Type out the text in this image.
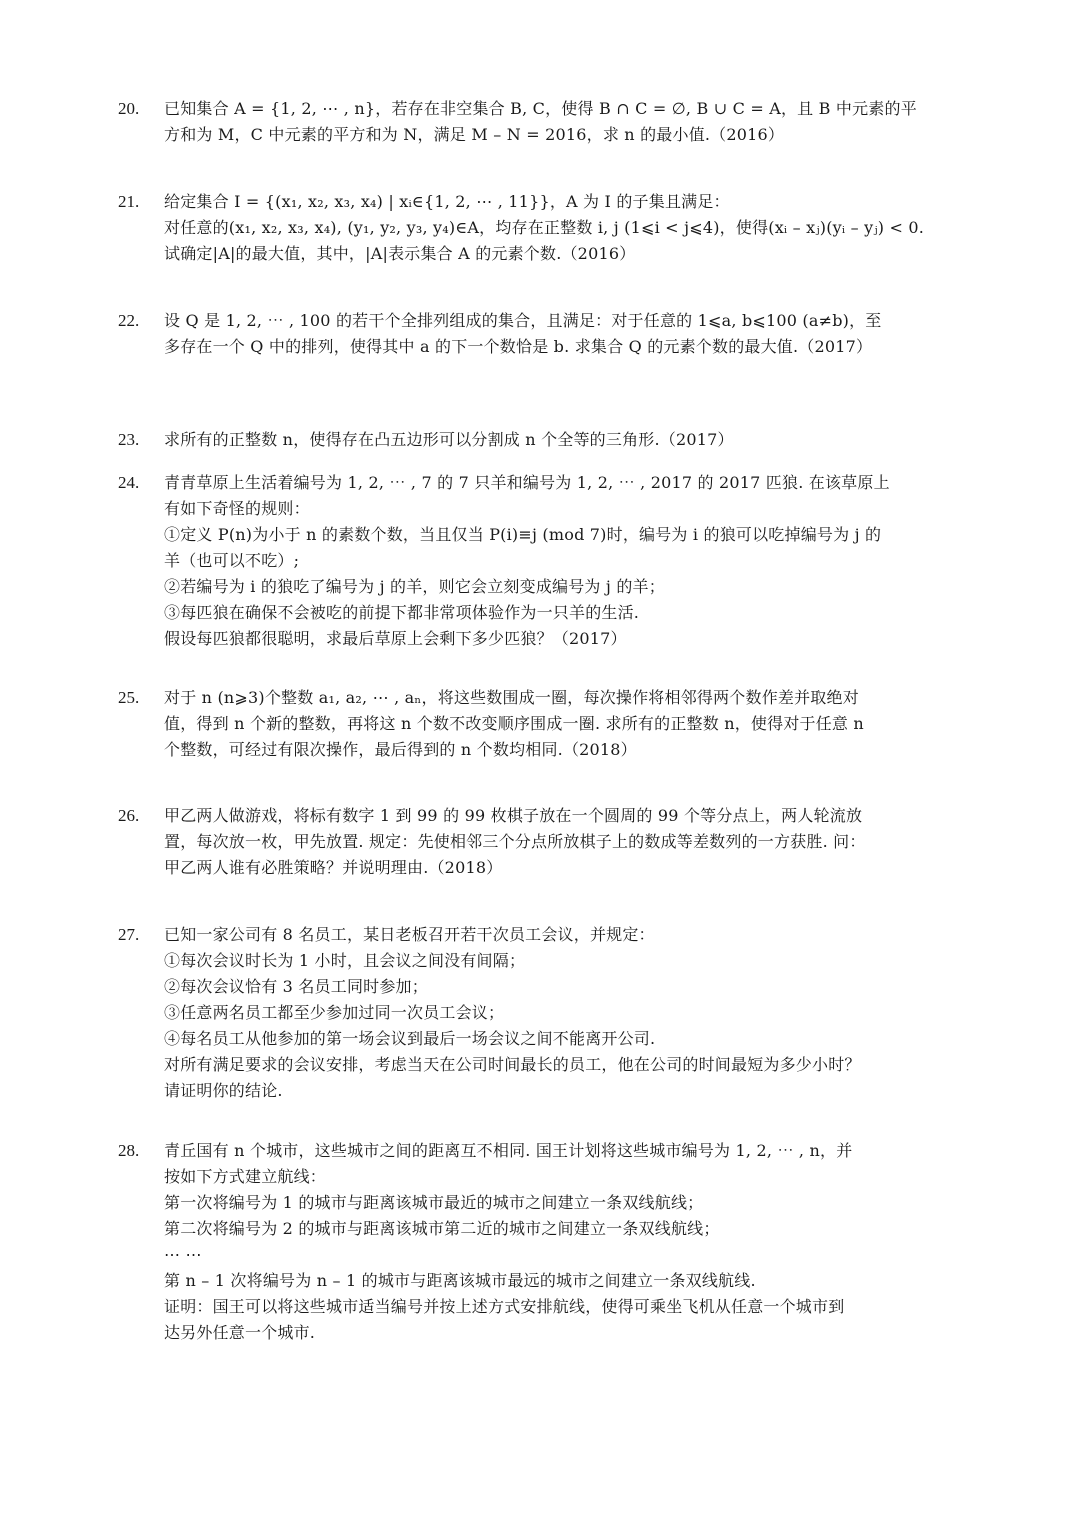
20.	已知集合 A = {1, 2, ⋯ , n}，若存在非空集合 B, C，使得 B ∩ C = ∅, B ∪ C = A，且 B 中元素的平
方和为 M，C 中元素的平方和为 N，满足 M – N = 2016，求 n 的最小值.（2016）
21.	给定集合 I = {(x₁, x₂, x₃, x₄) | xᵢ∈{1, 2, ⋯ , 11}}，A 为 I 的子集且满足：
对任意的(x₁, x₂, x₃, x₄), (y₁, y₂, y₃, y₄)∈A，均存在正整数 i, j (1⩽i < j⩽4)，使得(xᵢ – xⱼ)(yᵢ – yⱼ) < 0.
试确定|A|的最大值，其中，|A|表示集合 A 的元素个数.（2016）
22.	设 Q 是 1, 2, ⋯ , 100 的若干个全排列组成的集合，且满足：对于任意的 1⩽a, b⩽100 (a≠b)，至
多存在一个 Q 中的排列，使得其中 a 的下一个数恰是 b. 求集合 Q 的元素个数的最大值.（2017）
23.	求所有的正整数 n，使得存在凸五边形可以分割成 n 个全等的三角形.（2017）
24.	青青草原上生活着编号为 1, 2, ⋯ , 7 的 7 只羊和编号为 1, 2, ⋯ , 2017 的 2017 匹狼. 在该草原上
有如下奇怪的规则：
①定义 P(n)为小于 n 的素数个数，当且仅当 P(i)≡j (mod 7)时，编号为 i 的狼可以吃掉编号为 j 的
羊（也可以不吃）;
②若编号为 i 的狼吃了编号为 j 的羊，则它会立刻变成编号为 j 的羊；
③每匹狼在确保不会被吃的前提下都非常项体验作为一只羊的生活.
假设每匹狼都很聪明，求最后草原上会剩下多少匹狼？（2017）
25.	对于 n (n⩾3)个整数 a₁, a₂, ⋯ , aₙ，将这些数围成一圈，每次操作将相邻得两个数作差并取绝对
值，得到 n 个新的整数，再将这 n 个数不改变顺序围成一圈. 求所有的正整数 n，使得对于任意 n
个整数，可经过有限次操作，最后得到的 n 个数均相同.（2018）
26.	甲乙两人做游戏，将标有数字 1 到 99 的 99 枚棋子放在一个圆周的 99 个等分点上，两人轮流放
置，每次放一枚，甲先放置. 规定：先使相邻三个分点所放棋子上的数成等差数列的一方获胜. 问：
甲乙两人谁有必胜策略？并说明理由.（2018）
27.	已知一家公司有 8 名员工，某日老板召开若干次员工会议，并规定：
①每次会议时长为 1 小时，且会议之间没有间隔；
②每次会议恰有 3 名员工同时参加；
③任意两名员工都至少参加过同一次员工会议；
④每名员工从他参加的第一场会议到最后一场会议之间不能离开公司.
对所有满足要求的会议安排，考虑当天在公司时间最长的员工，他在公司的时间最短为多少小时？
请证明你的结论.
28.	青丘国有 n 个城市，这些城市之间的距离互不相同. 国王计划将这些城市编号为 1, 2, ⋯ , n，并
按如下方式建立航线：
第一次将编号为 1 的城市与距离该城市最近的城市之间建立一条双线航线；
第二次将编号为 2 的城市与距离该城市第二近的城市之间建立一条双线航线；
⋯ ⋯
第 n – 1 次将编号为 n – 1 的城市与距离该城市最远的城市之间建立一条双线航线.
证明：国王可以将这些城市适当编号并按上述方式安排航线，使得可乘坐飞机从任意一个城市到
达另外任意一个城市.
